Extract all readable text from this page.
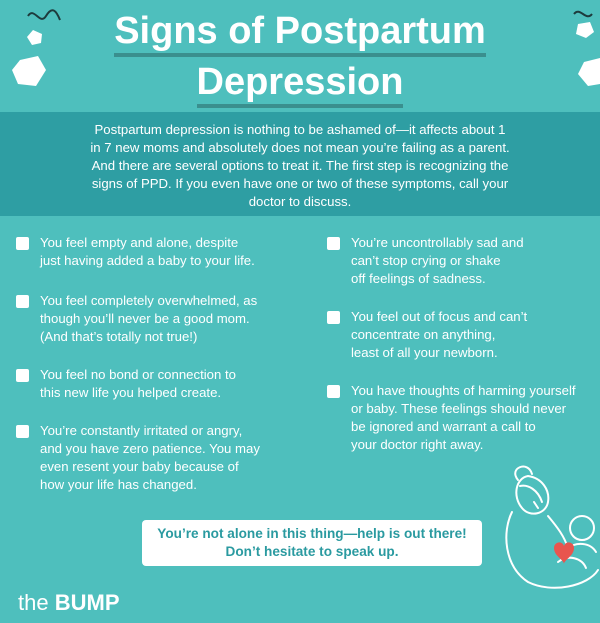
Signs of Postpartum
Depression
Postpartum depression is nothing to be ashamed of—it affects about 1 in 7 new moms and absolutely does not mean you’re failing as a parent. And there are several options to treat it. The first step is recognizing the signs of PPD. If you even have one or two of these symptoms, call your doctor to discuss.
You feel empty and alone, despite
just having added a baby to your life.
You feel completely overwhelmed, as
though you’ll never be a good mom.
(And that’s totally not true!)
You feel no bond or connection to
this new life you helped create.
You’re constantly irritated or angry,
and you have zero patience. You may
even resent your baby because of
how your life has changed.
You’re uncontrollably sad and
can’t stop crying or shake
off feelings of sadness.
You feel out of focus and can’t
concentrate on anything,
least of all your newborn.
You have thoughts of harming yourself
or baby. These feelings should never
be ignored and warrant a call to
your doctor right away.
You’re not alone in this thing—help is out there!
Don’t hesitate to speak up.
the BUMP
